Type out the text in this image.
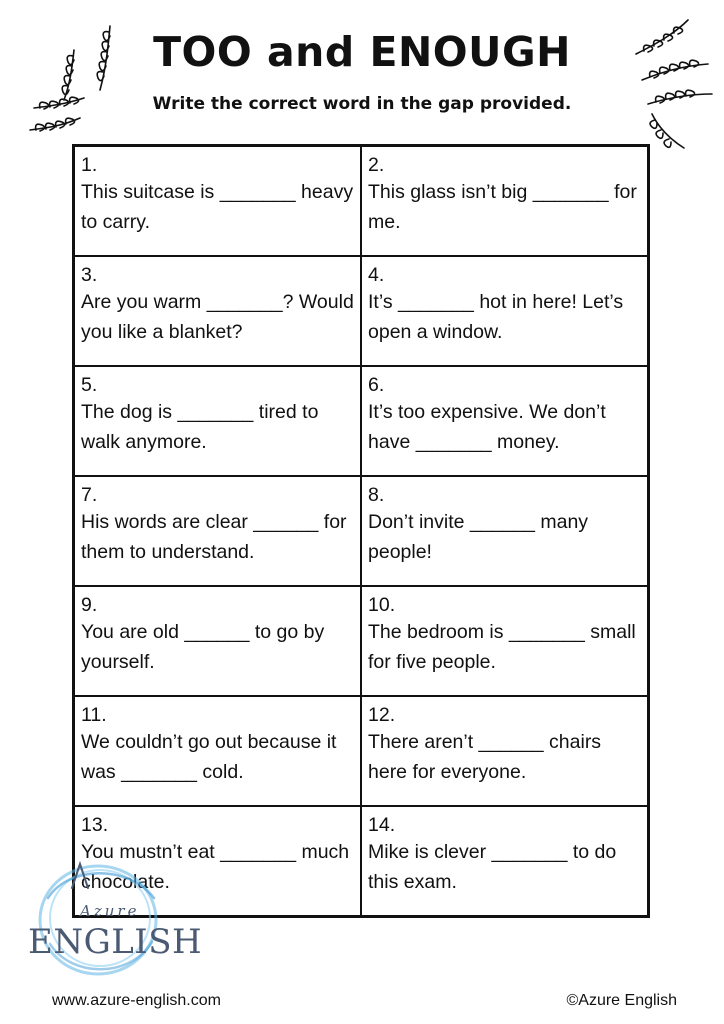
TOO and ENOUGH
Write the correct word in the gap provided.
1.
This suitcase is _______ heavy to carry.
2.
This glass isn’t big _______ for me.
3.
Are you warm _______? Would you like a blanket?
4.
It’s _______ hot in here! Let’s open a window.
5.
The dog is _______ tired to walk anymore.
6.
It’s too expensive. We don’t have _______ money.
7.
His words are clear ______ for them to understand.
8.
Don’t invite ______ many people!
9.
You are old ______ to go by yourself.
10.
The bedroom is _______ small for five people.
11.
We couldn’t go out because it was _______ cold.
12.
There aren’t ______ chairs here for everyone.
13.
You mustn’t eat _______ much chocolate.
14.
Mike is clever _______ to do this exam.
Azure
ENGLISH
www.azure-english.com	©Azure English
